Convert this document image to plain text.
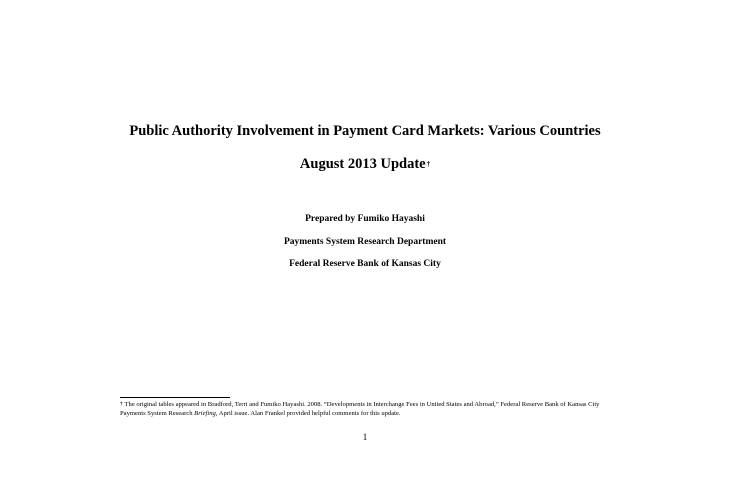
Public Authority Involvement in Payment Card Markets: Various Countries
August 2013 Update†
Prepared by Fumiko Hayashi
Payments System Research Department
Federal Reserve Bank of Kansas City
† The original tables appeared in Bradford, Terri and Fumiko Hayashi. 2008. “Developments in Interchange Fees in United States and Abroad,” Federal Reserve Bank of Kansas City Payments System Research Briefing, April issue. Alan Frankel provided helpful comments for this update.
1
